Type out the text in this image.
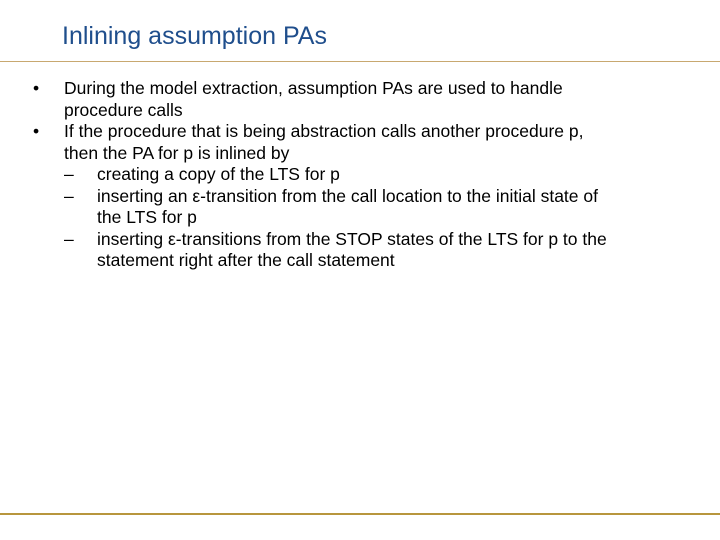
Inlining assumption PAs
• During the model extraction, assumption PAs are used to handle
procedure calls
• If the procedure that is being abstraction calls another procedure p,
then the PA for p is inlined by
– creating a copy of the LTS for p
– inserting an ε-transition from the call location to the initial state of
the LTS for p
– inserting ε-transitions from the STOP states of the LTS for p to the
statement right after the call statement
